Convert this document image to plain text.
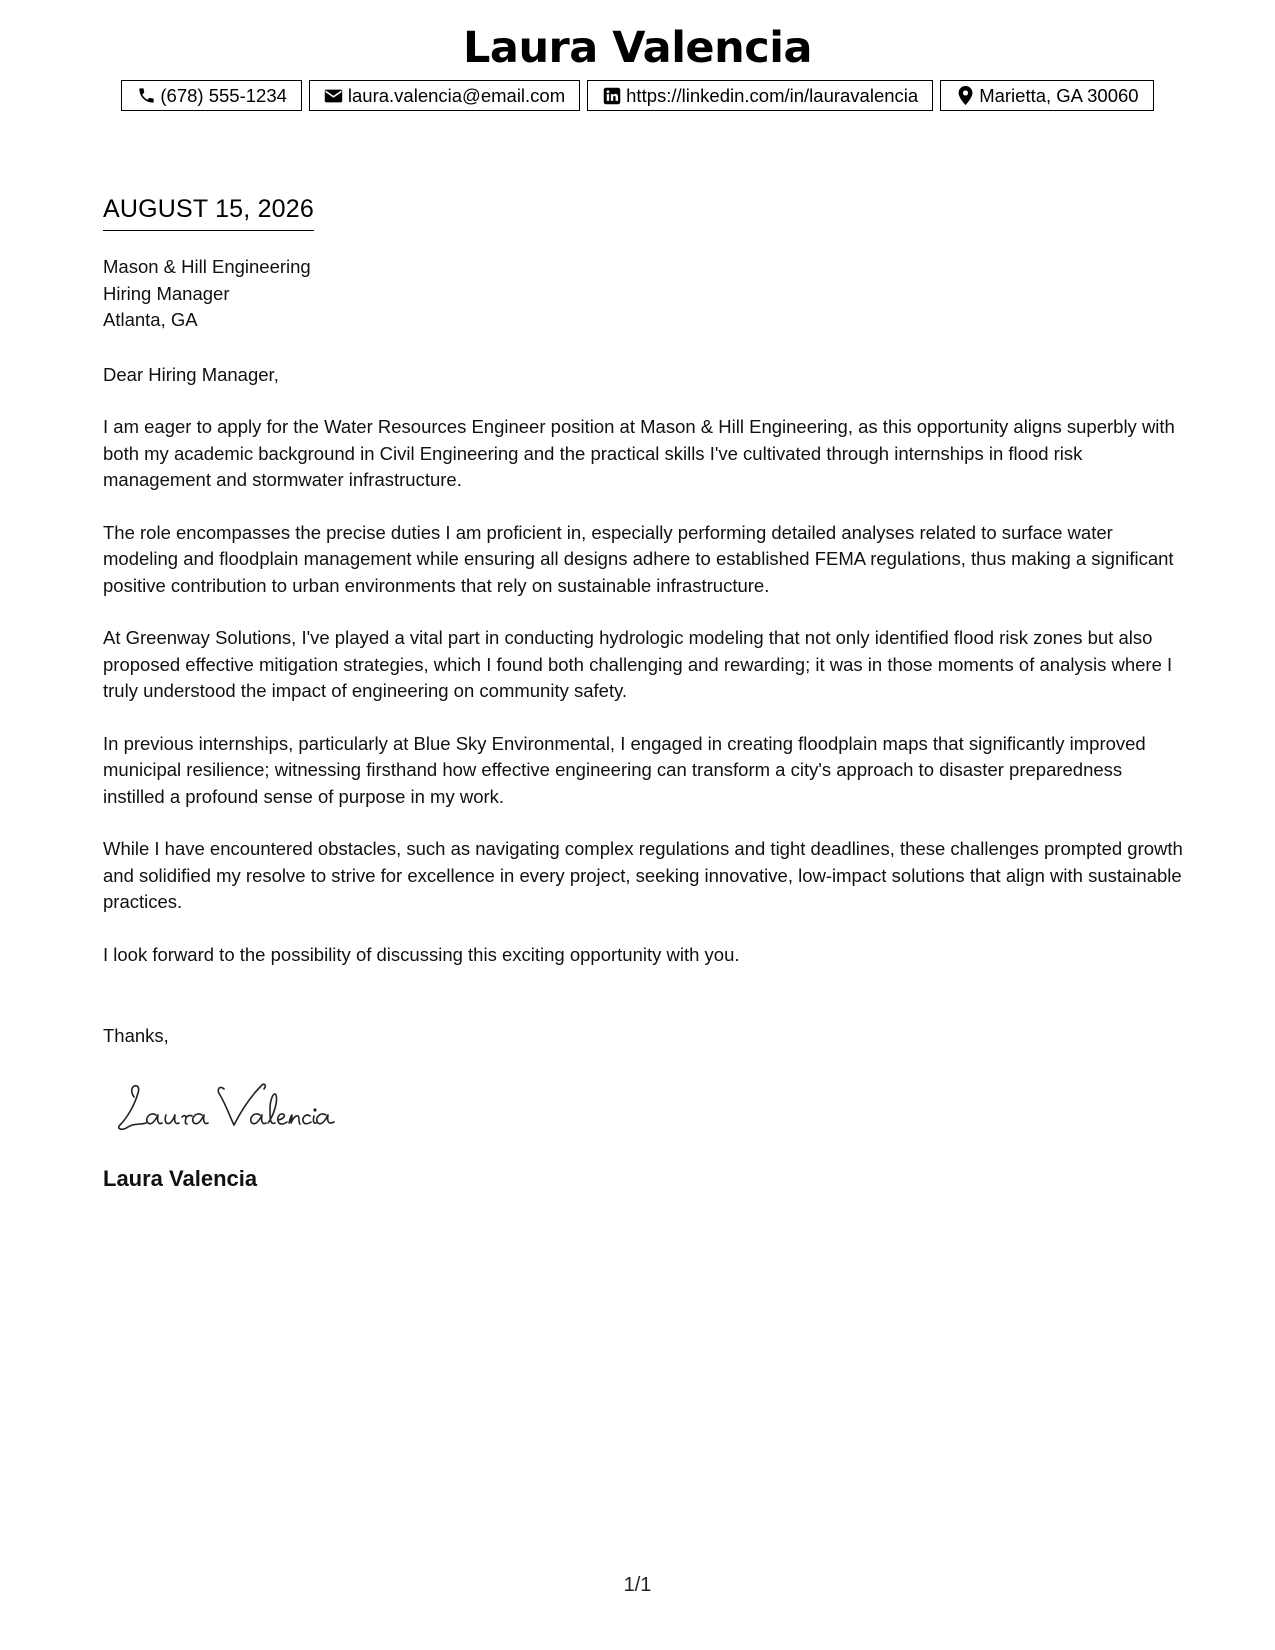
Laura Valencia
(678) 555-1234	laura.valencia@email.com	https://linkedin.com/in/lauravalencia	Marietta, GA 30060
AUGUST 15, 2026
Mason & Hill Engineering
Hiring Manager
Atlanta, GA
Dear Hiring Manager,

I am eager to apply for the Water Resources Engineer position at Mason & Hill Engineering, as this opportunity aligns superbly with both my academic background in Civil Engineering and the practical skills I've cultivated through internships in flood risk management and stormwater infrastructure.

The role encompasses the precise duties I am proficient in, especially performing detailed analyses related to surface water modeling and floodplain management while ensuring all designs adhere to established FEMA regulations, thus making a significant positive contribution to urban environments that rely on sustainable infrastructure.

At Greenway Solutions, I've played a vital part in conducting hydrologic modeling that not only identified flood risk zones but also proposed effective mitigation strategies, which I found both challenging and rewarding; it was in those moments of analysis where I truly understood the impact of engineering on community safety.

In previous internships, particularly at Blue Sky Environmental, I engaged in creating floodplain maps that significantly improved municipal resilience; witnessing firsthand how effective engineering can transform a city's approach to disaster preparedness instilled a profound sense of purpose in my work.

While I have encountered obstacles, such as navigating complex regulations and tight deadlines, these challenges prompted growth and solidified my resolve to strive for excellence in every project, seeking innovative, low-impact solutions that align with sustainable practices.

I look forward to the possibility of discussing this exciting opportunity with you.

Thanks,
Laura Valencia
1/1
